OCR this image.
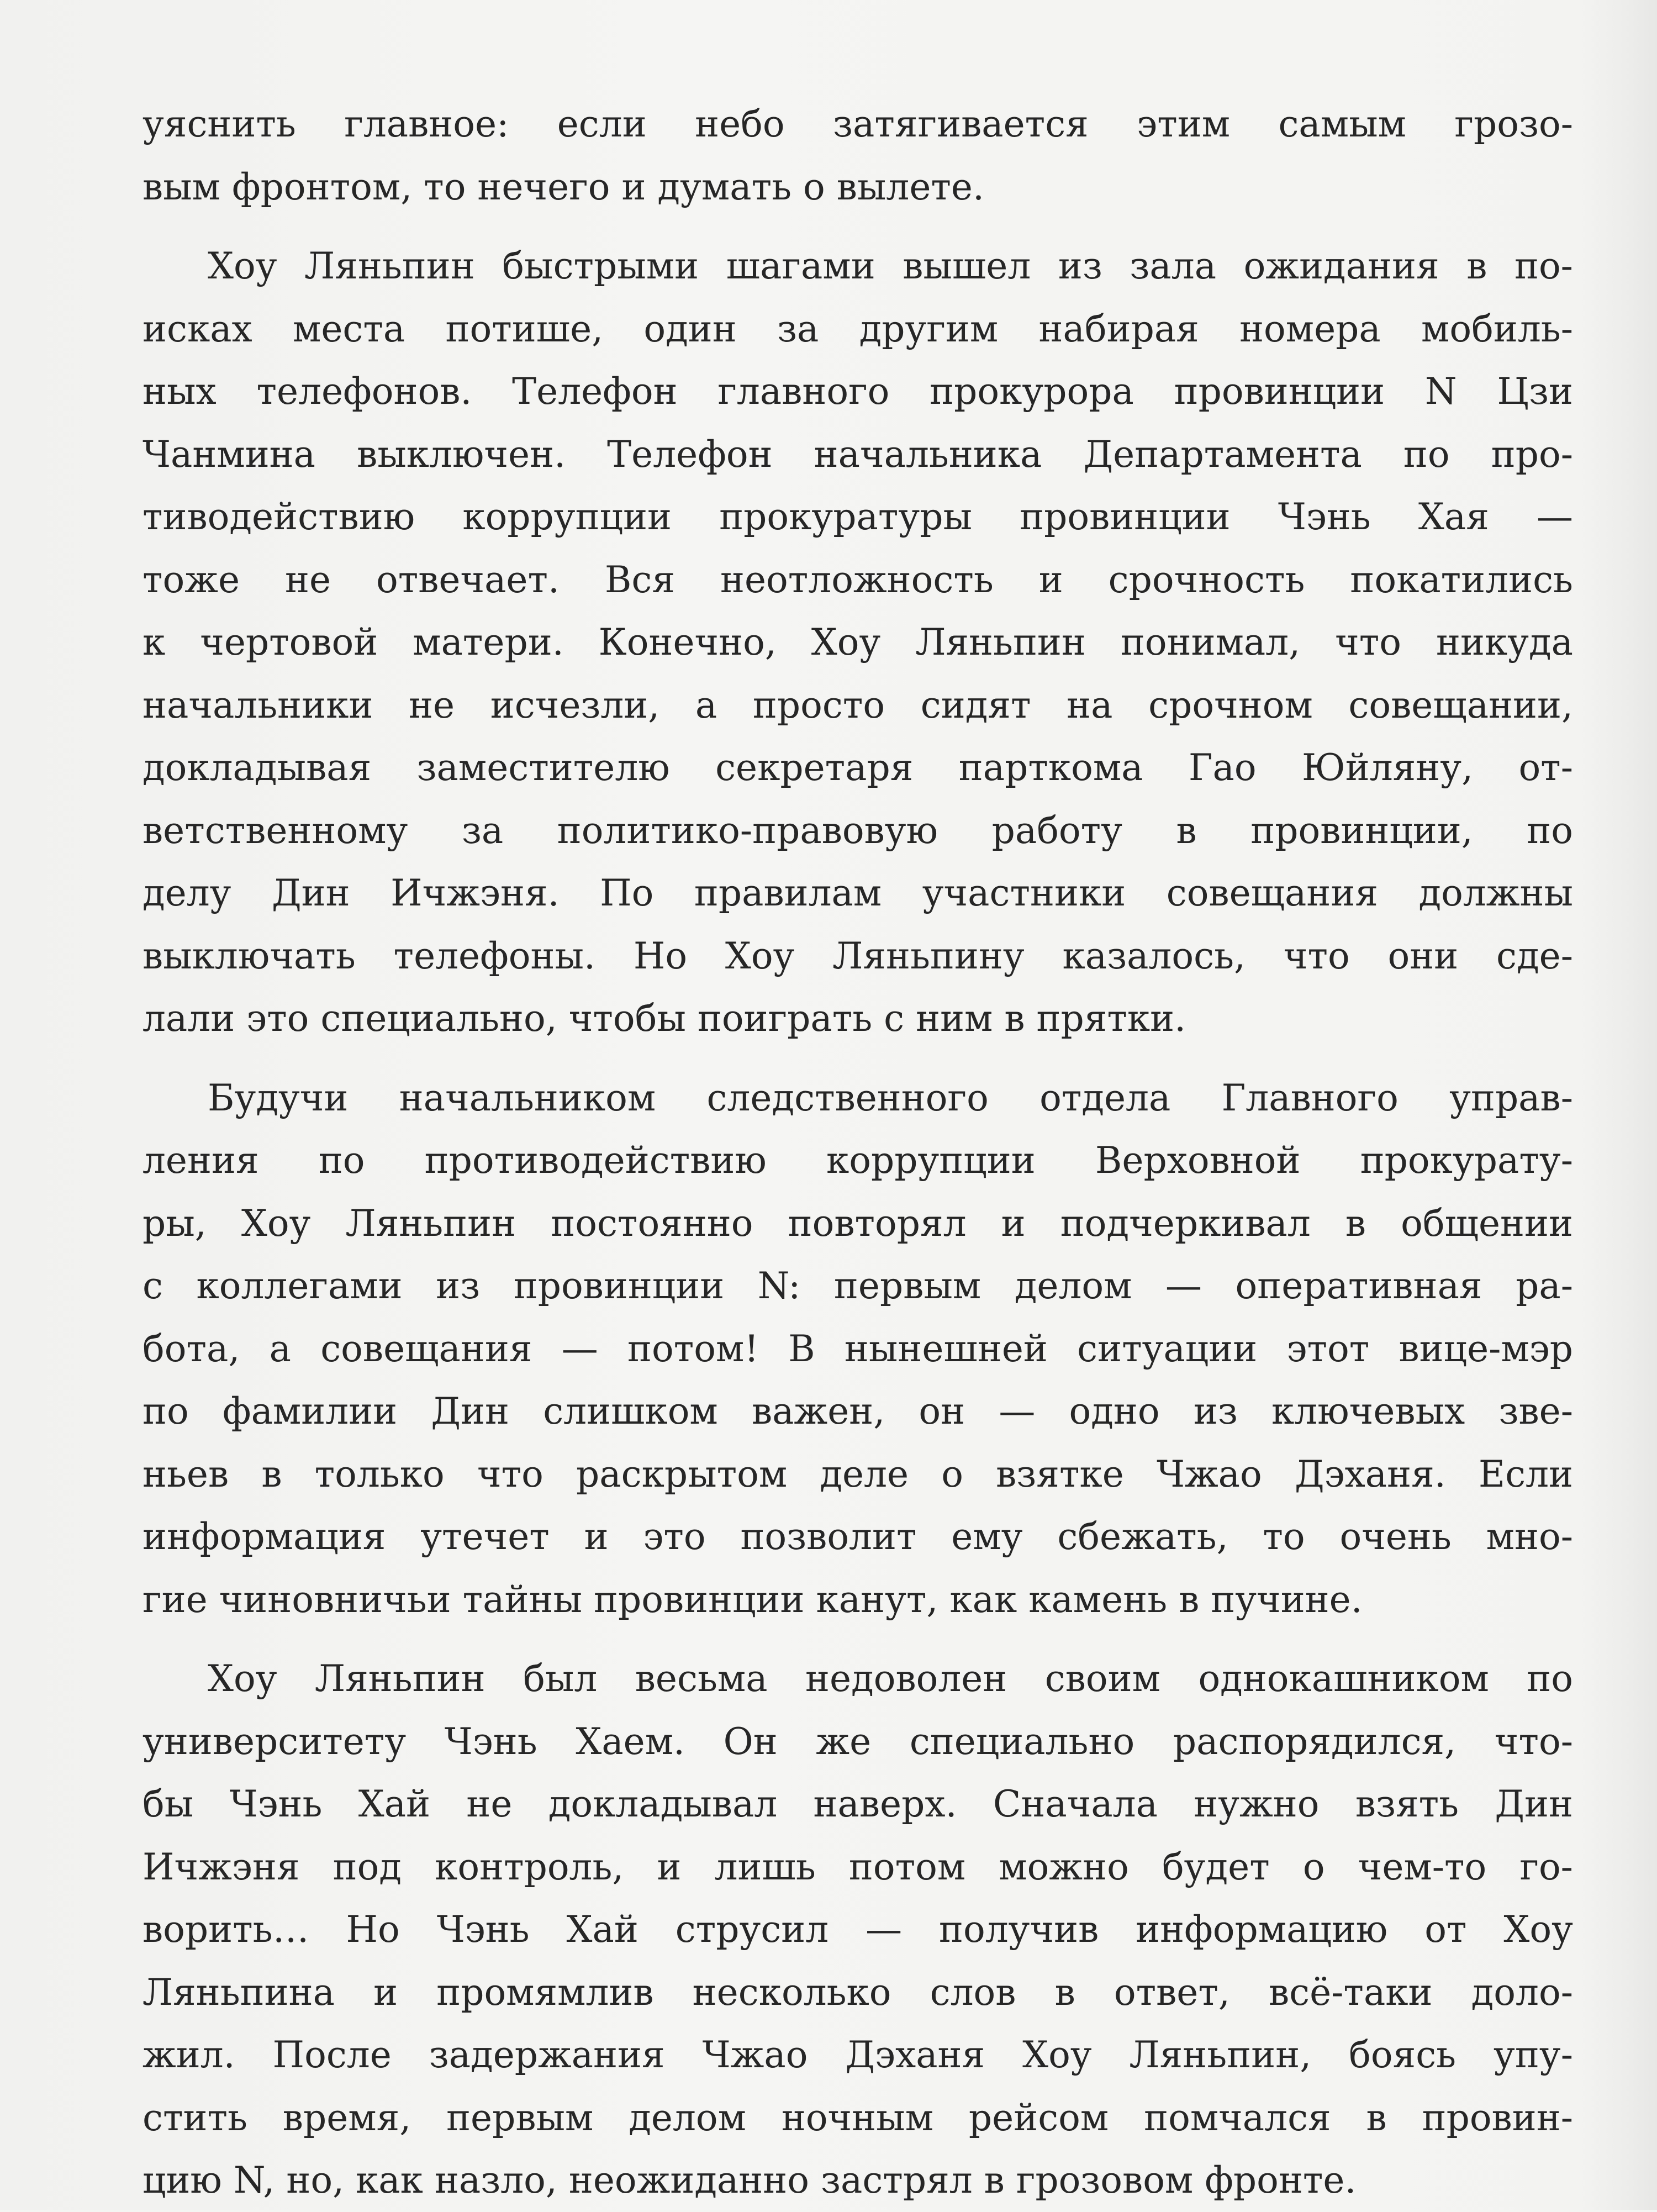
уяснить главное: если небо затягивается этим самым грозо-
вым фронтом, то нечего и думать о вылете.
Хоу Ляньпин быстрыми шагами вышел из зала ожидания в по-
исках места потише, один за другим набирая номера мобиль-
ных телефонов. Телефон главного прокурора провинции N Цзи
Чанмина выключен. Телефон начальника Департамента по про-
тиводействию коррупции прокуратуры провинции Чэнь Хая —
тоже не отвечает. Вся неотложность и срочность покатились
к чертовой матери. Конечно, Хоу Ляньпин понимал, что никуда
начальники не исчезли, а просто сидят на срочном совещании,
докладывая заместителю секретаря парткома Гао Юйляну, от-
ветственному за политико-правовую работу в провинции, по
делу Дин Ичжэня. По правилам участники совещания должны
выключать телефоны. Но Хоу Ляньпину казалось, что они сде-
лали это специально, чтобы поиграть с ним в прятки.
Будучи начальником следственного отдела Главного управ-
ления по противодействию коррупции Верховной прокурату-
ры, Хоу Ляньпин постоянно повторял и подчеркивал в общении
с коллегами из провинции N: первым делом — оперативная ра-
бота, а совещания — потом! В нынешней ситуации этот вице-мэр
по фамилии Дин слишком важен, он — одно из ключевых зве-
ньев в только что раскрытом деле о взятке Чжао Дэханя. Если
информация утечет и это позволит ему сбежать, то очень мно-
гие чиновничьи тайны провинции канут, как камень в пучине.
Хоу Ляньпин был весьма недоволен своим однокашником по
университету Чэнь Хаем. Он же специально распорядился, что-
бы Чэнь Хай не докладывал наверх. Сначала нужно взять Дин
Ичжэня под контроль, и лишь потом можно будет о чем-то го-
ворить… Но Чэнь Хай струсил — получив информацию от Хоу
Ляньпина и промямлив несколько слов в ответ, всё-таки доло-
жил. После задержания Чжао Дэханя Хоу Ляньпин, боясь упу-
стить время, первым делом ночным рейсом помчался в провин-
цию N, но, как назло, неожиданно застрял в грозовом фронте.
